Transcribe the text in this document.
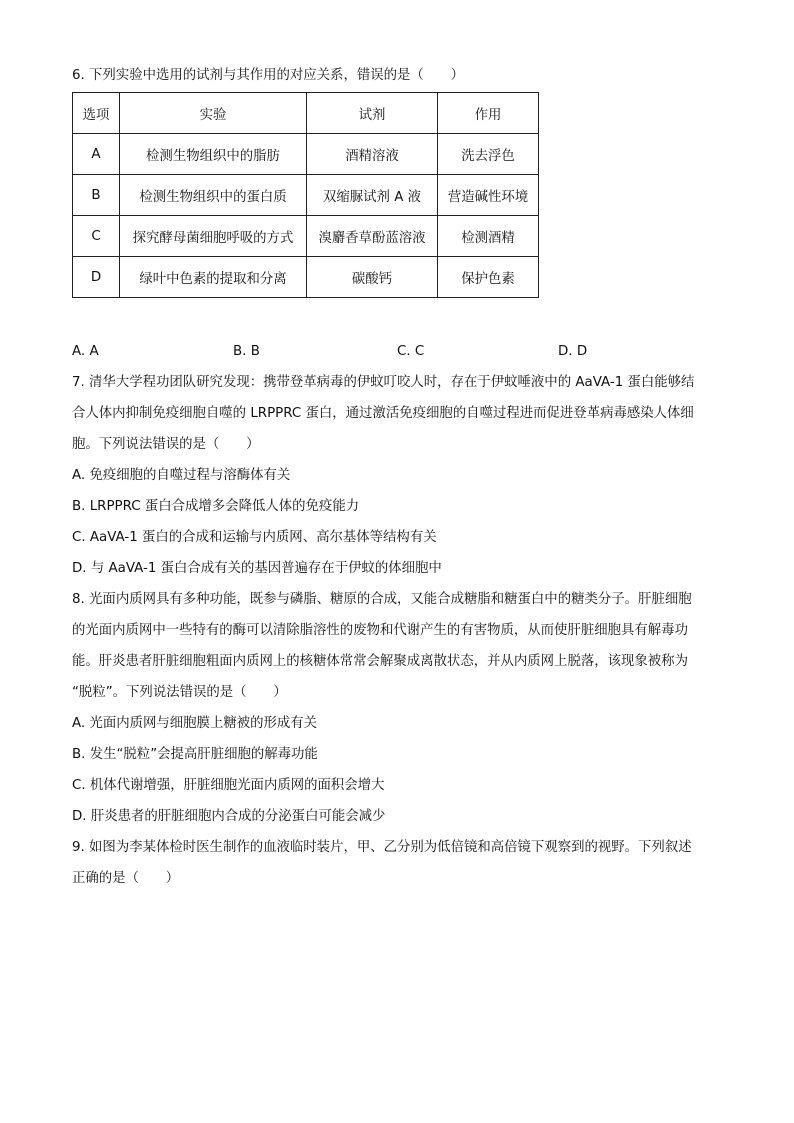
6. 下列实验中选用的试剂与其作用的对应关系，错误的是（　　）
选项	实验	试剂	作用
A	检测生物组织中的脂肪	酒精溶液	洗去浮色
B	检测生物组织中的蛋白质	双缩脲试剂 A 液	营造碱性环境
C	探究酵母菌细胞呼吸的方式	溴麝香草酚蓝溶液	检测酒精
D	绿叶中色素的提取和分离	碳酸钙	保护色素
A. A	B. B	C. C	D. D
7. 清华大学程功团队研究发现：携带登革病毒的伊蚊叮咬人时，存在于伊蚊唾液中的 AaVA-1 蛋白能够结
合人体内抑制免疫细胞自噬的 LRPPRC 蛋白，通过激活免疫细胞的自噬过程进而促进登革病毒感染人体细
胞。下列说法错误的是（　　）
A. 免疫细胞的自噬过程与溶酶体有关
B. LRPPRC 蛋白合成增多会降低人体的免疫能力
C. AaVA-1 蛋白的合成和运输与内质网、高尔基体等结构有关
D. 与 AaVA-1 蛋白合成有关的基因普遍存在于伊蚊的体细胞中
8. 光面内质网具有多种功能，既参与磷脂、糖原的合成，又能合成糖脂和糖蛋白中的糖类分子。肝脏细胞
的光面内质网中一些特有的酶可以清除脂溶性的废物和代谢产生的有害物质，从而使肝脏细胞具有解毒功
能。肝炎患者肝脏细胞粗面内质网上的核糖体常常会解聚成离散状态，并从内质网上脱落，该现象被称为
“脱粒”。下列说法错误的是（　　）
A. 光面内质网与细胞膜上糖被的形成有关
B. 发生“脱粒”会提高肝脏细胞的解毒功能
C. 机体代谢增强，肝脏细胞光面内质网的面积会增大
D. 肝炎患者的肝脏细胞内合成的分泌蛋白可能会减少
9. 如图为李某体检时医生制作的血液临时装片，甲、乙分别为低倍镜和高倍镜下观察到的视野。下列叙述
正确的是（　　）
